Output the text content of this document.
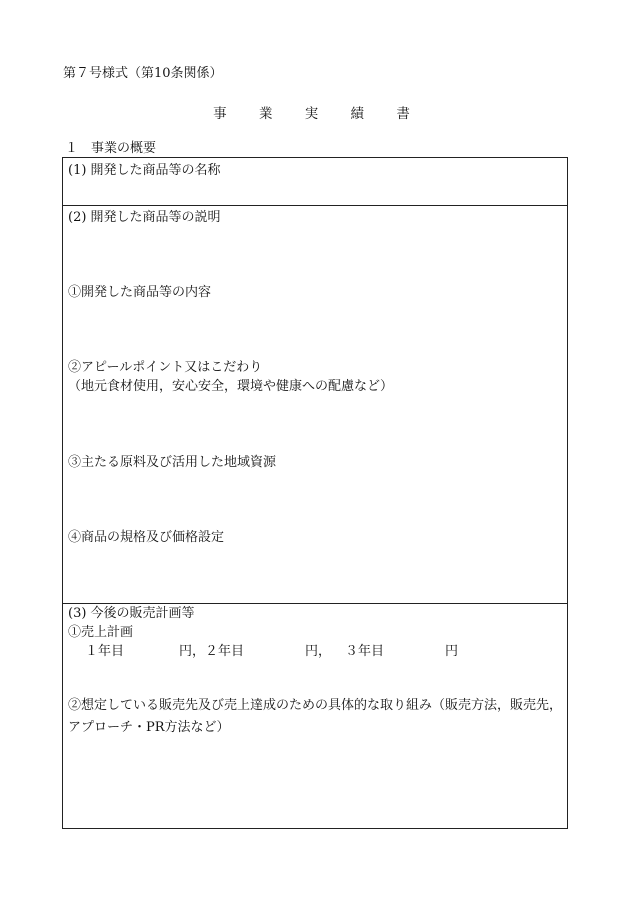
第７号様式（第10条関係）
事 業 実 績 書
１　事業の概要
(1) 開発した商品等の名称
(2) 開発した商品等の説明
①開発した商品等の内容
②アピールポイント又はこだわり
（地元食材使用，安心安全，環境や健康への配慮など）
③主たる原料及び活用した地域資源
④商品の規格及び価格設定
(3) 今後の販売計画等
①売上計画
１年目	円，２年目	円， ３年目	円
②想定している販売先及び売上達成のための具体的な取り組み（販売方法，販売先，アプローチ・PR方法など）
